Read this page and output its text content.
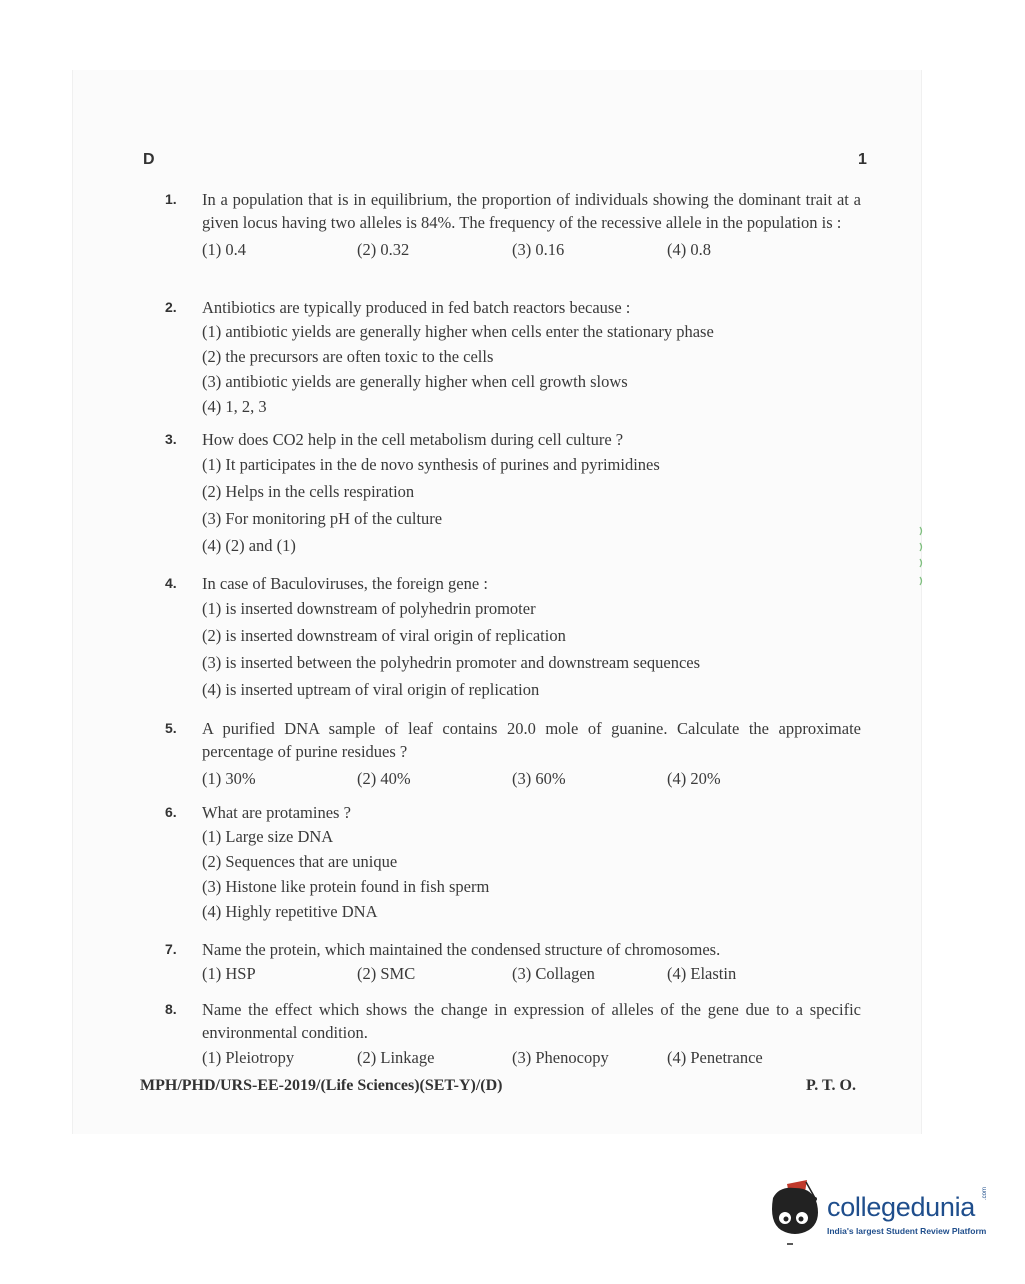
D	1
1. In a population that is in equilibrium, the proportion of individuals showing the dominant trait at a given locus having two alleles is 84%. The frequency of the recessive allele in the population is :
(1) 0.4	(2) 0.32	(3) 0.16	(4) 0.8
2. Antibiotics are typically produced in fed batch reactors because :
(1) antibiotic yields are generally higher when cells enter the stationary phase
(2) the precursors are often toxic to the cells
(3) antibiotic yields are generally higher when cell growth slows
(4) 1, 2, 3
3. How does CO2 help in the cell metabolism during cell culture ?
(1) It participates in the de novo synthesis of purines and pyrimidines
(2) Helps in the cells respiration
(3) For monitoring pH of the culture
(4) (2) and (1)
4. In case of Baculoviruses, the foreign gene :
(1) is inserted downstream of polyhedrin promoter
(2) is inserted downstream of viral origin of replication
(3) is inserted between the polyhedrin promoter and downstream sequences
(4) is inserted uptream of viral origin of replication
5. A purified DNA sample of leaf contains 20.0 mole of guanine. Calculate the approximate percentage of purine residues ?
(1) 30%	(2) 40%	(3) 60%	(4) 20%
6. What are protamines ?
(1) Large size DNA
(2) Sequences that are unique
(3) Histone like protein found in fish sperm
(4) Highly repetitive DNA
7. Name the protein, which maintained the condensed structure of chromosomes.
(1) HSP	(2) SMC	(3) Collagen	(4) Elastin
8. Name the effect which shows the change in expression of alleles of the gene due to a specific environmental condition.
(1) Pleiotropy	(2) Linkage	(3) Phenocopy	(4) Penetrance
MPH/PHD/URS-EE-2019/(Life Sciences)(SET-Y)/(D)	P. T. O.
collegedunia .com
India's largest Student Review Platform
